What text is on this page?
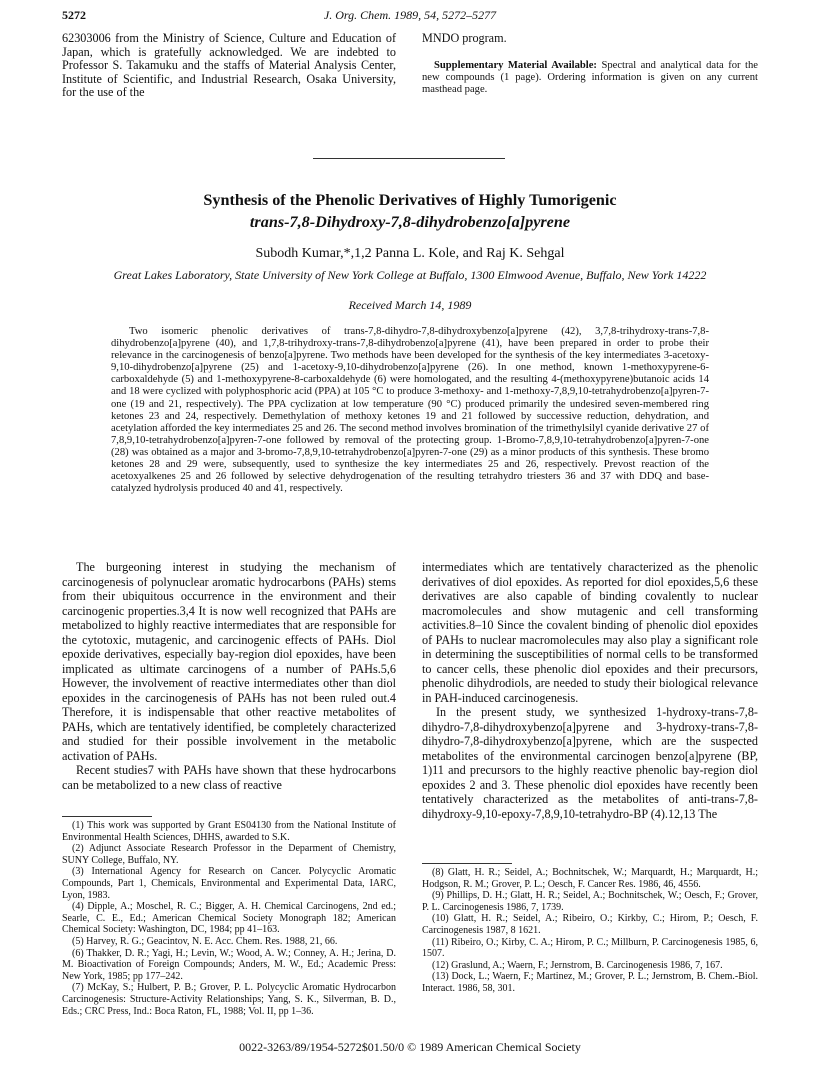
5272	J. Org. Chem. 1989, 54, 5272–5277
62303006 from the Ministry of Science, Culture and Education of Japan, which is gratefully acknowledged. We are indebted to Professor S. Takamuku and the staffs of Material Analysis Center, Institute of Scientific, and Industrial Research, Osaka University, for the use of the
MNDO program.
Supplementary Material Available: Spectral and analytical data for the new compounds (1 page). Ordering information is given on any current masthead page.
Synthesis of the Phenolic Derivatives of Highly Tumorigenic
trans-7,8-Dihydroxy-7,8-dihydrobenzo[a]pyrene
Subodh Kumar,*,1,2 Panna L. Kole, and Raj K. Sehgal
Great Lakes Laboratory, State University of New York College at Buffalo, 1300 Elmwood Avenue, Buffalo, New York 14222
Received March 14, 1989
Two isomeric phenolic derivatives of trans-7,8-dihydro-7,8-dihydroxybenzo[a]pyrene (42), 3,7,8-trihydroxy-trans-7,8-dihydrobenzo[a]pyrene (40), and 1,7,8-trihydroxy-trans-7,8-dihydrobenzo[a]pyrene (41), have been prepared in order to probe their relevance in the carcinogenesis of benzo[a]pyrene. Two methods have been developed for the synthesis of the key intermediates 3-acetoxy-9,10-dihydrobenzo[a]pyrene (25) and 1-acetoxy-9,10-dihydrobenzo[a]pyrene (26). In one method, known 1-methoxypyrene-6-carboxaldehyde (5) and 1-methoxypyrene-8-carboxaldehyde (6) were homologated, and the resulting 4-(methoxypyrene)butanoic acids 14 and 18 were cyclized with polyphosphoric acid (PPA) at 105 °C to produce 3-methoxy- and 1-methoxy-7,8,9,10-tetrahydrobenzo[a]pyren-7-one (19 and 21, respectively). The PPA cyclization at low temperature (90 °C) produced primarily the undesired seven-membered ring ketones 23 and 24, respectively. Demethylation of methoxy ketones 19 and 21 followed by successive reduction, dehydration, and acetylation afforded the key intermediates 25 and 26. The second method involves bromination of the trimethylsilyl cyanide derivative 27 of 7,8,9,10-tetrahydrobenzo[a]pyren-7-one followed by removal of the protecting group. 1-Bromo-7,8,9,10-tetrahydrobenzo[a]pyren-7-one (28) was obtained as a major and 3-bromo-7,8,9,10-tetrahydrobenzo[a]pyren-7-one (29) as a minor products of this synthesis. These bromo ketones 28 and 29 were, subsequently, used to synthesize the key intermediates 25 and 26, respectively. Prevost reaction of the acetoxyalkenes 25 and 26 followed by selective dehydrogenation of the resulting tetrahydro triesters 36 and 37 with DDQ and base-catalyzed hydrolysis produced 40 and 41, respectively.

The burgeoning interest in studying the mechanism of carcinogenesis of polynuclear aromatic hydrocarbons (PAHs) stems from their ubiquitous occurrence in the environment and their carcinogenic properties.3,4 It is now well recognized that PAHs are metabolized to highly reactive intermediates that are responsible for the cytotoxic, mutagenic, and carcinogenic effects of PAHs. Diol epoxide derivatives, especially bay-region diol epoxides, have been implicated as ultimate carcinogens of a number of PAHs.5,6 However, the involvement of reactive intermediates other than diol epoxides in the carcinogenesis of PAHs has not been ruled out.4 Therefore, it is indispensable that other reactive metabolites of PAHs, which are tentatively identified, be completely characterized and studied for their possible involvement in the metabolic activation of PAHs.

Recent studies7 with PAHs have shown that these hydrocarbons can be metabolized to a new class of reactive

intermediates which are tentatively characterized as the phenolic derivatives of diol epoxides. As reported for diol epoxides,5,6 these derivatives are also capable of binding covalently to nuclear macromolecules and show mutagenic and cell transforming activities.8–10 Since the covalent binding of phenolic diol epoxides of PAHs to nuclear macromolecules may also play a significant role in determining the susceptibilities of normal cells to be transformed to cancer cells, these phenolic diol epoxides and their precursors, phenolic dihydrodiols, are needed to study their biological relevance in PAH-induced carcinogenesis.

In the present study, we synthesized 1-hydroxy-trans-7,8-dihydro-7,8-dihydroxybenzo[a]pyrene and 3-hydroxy-trans-7,8-dihydro-7,8-dihydroxybenzo[a]pyrene, which are the suspected metabolites of the environmental carcinogen benzo[a]pyrene (BP, 1)11 and precursors to the highly reactive phenolic bay-region diol epoxides 2 and 3. These phenolic diol epoxides have recently been tentatively characterized as the metabolites of anti-trans-7,8-dihydroxy-9,10-epoxy-7,8,9,10-tetrahydro-BP (4).12,13 The

(1) This work was supported by Grant ES04130 from the National Institute of Environmental Health Sciences, DHHS, awarded to S.K.

(2) Adjunct Associate Research Professor in the Deparment of Chemistry, SUNY College, Buffalo, NY.

(3) International Agency for Research on Cancer. Polycyclic Aromatic Compounds, Part 1, Chemicals, Environmental and Experimental Data, IARC, Lyon, 1983.

(4) Dipple, A.; Moschel, R. C.; Bigger, A. H. Chemical Carcinogens, 2nd ed.; Searle, C. E., Ed.; American Chemical Society Monograph 182; American Chemical Society: Washington, DC, 1984; pp 41–163.

(5) Harvey, R. G.; Geacintov, N. E. Acc. Chem. Res. 1988, 21, 66.

(6) Thakker, D. R.; Yagi, H.; Levin, W.; Wood, A. W.; Conney, A. H.; Jerina, D. M. Bioactivation of Foreign Compounds; Anders, M. W., Ed.; Academic Press: New York, 1985; pp 177–242.

(7) McKay, S.; Hulbert, P. B.; Grover, P. L. Polycyclic Aromatic Hydrocarbon Carcinogenesis: Structure-Activity Relationships; Yang, S. K., Silverman, B. D., Eds.; CRC Press, Ind.: Boca Raton, FL, 1988; Vol. II, pp 1–36.

(8) Glatt, H. R.; Seidel, A.; Bochnitschek, W.; Marquardt, H.; Marquardt, H.; Hodgson, R. M.; Grover, P. L.; Oesch, F. Cancer Res. 1986, 46, 4556.

(9) Phillips, D. H.; Glatt, H. R.; Seidel, A.; Bochnitschek, W.; Oesch, F.; Grover, P. L. Carcinogenesis 1986, 7, 1739.

(10) Glatt, H. R.; Seidel, A.; Ribeiro, O.; Kirkby, C.; Hirom, P.; Oesch, F. Carcinogenesis 1987, 8 1621.

(11) Ribeiro, O.; Kirby, C. A.; Hirom, P. C.; Millburn, P. Carcinogenesis 1985, 6, 1507.

(12) Graslund, A.; Waern, F.; Jernstrom, B. Carcinogenesis 1986, 7, 167.

(13) Dock, L.; Waern, F.; Martinez, M.; Grover, P. L.; Jernstrom, B. Chem.-Biol. Interact. 1986, 58, 301.

0022-3263/89/1954-5272$01.50/0 © 1989 American Chemical Society
